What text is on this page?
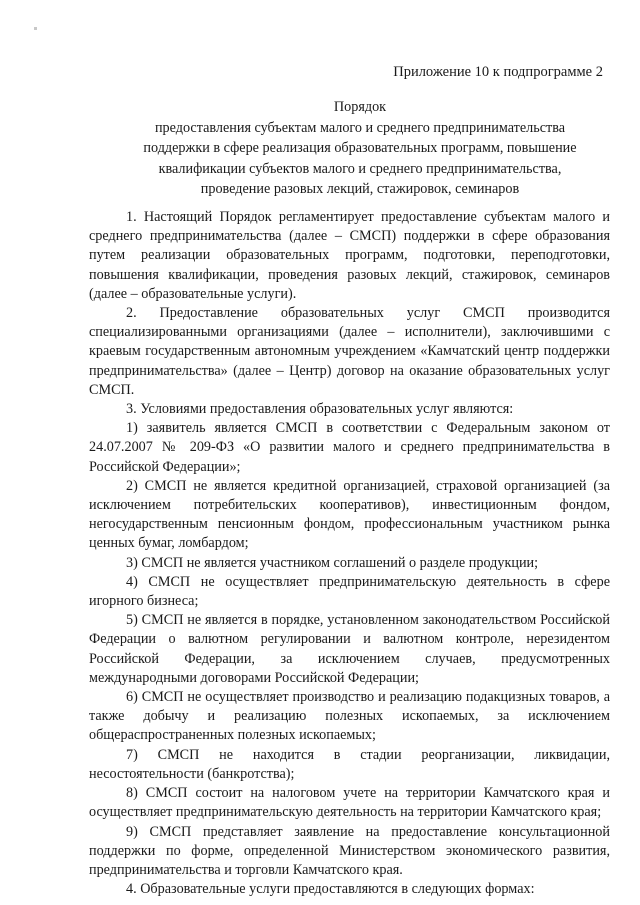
Приложение 10 к подпрограмме 2
Порядок
предоставления субъектам малого и среднего предпринимательства
поддержки в сфере реализация образовательных программ, повышение
квалификации субъектов малого и среднего предпринимательства,
проведение разовых лекций, стажировок, семинаров

1. Настоящий Порядок регламентирует предоставление субъектам малого и среднего предпринимательства (далее – СМСП) поддержки в сфере образования путем реализации образовательных программ, подготовки, переподготовки, повышения квалификации, проведения разовых лекций, стажировок, семинаров (далее – образовательные услуги).

2. Предоставление образовательных услуг СМСП производится специализированными организациями (далее – исполнители), заключившими с краевым государственным автономным учреждением «Камчатский центр поддержки предпринимательства» (далее – Центр) договор на оказание образовательных услуг СМСП.

3. Условиями предоставления образовательных услуг являются:

1) заявитель является СМСП в соответствии с Федеральным законом от 24.07.2007 № 209-ФЗ «О развитии малого и среднего предпринимательства в Российской Федерации»;

2) СМСП не является кредитной организацией, страховой организацией (за исключением потребительских кооперативов), инвестиционным фондом, негосударственным пенсионным фондом, профессиональным участником рынка ценных бумаг, ломбардом;

3) СМСП не является участником соглашений о разделе продукции;

4) СМСП не осуществляет предпринимательскую деятельность в сфере игорного бизнеса;

5) СМСП не является в порядке, установленном законодательством Российской Федерации о валютном регулировании и валютном контроле, нерезидентом Российской Федерации, за исключением случаев, предусмотренных международными договорами Российской Федерации;

6) СМСП не осуществляет производство и реализацию подакцизных товаров, а также добычу и реализацию полезных ископаемых, за исключением общераспространенных полезных ископаемых;

7) СМСП не находится в стадии реорганизации, ликвидации, несостоятельности (банкротства);

8) СМСП состоит на налоговом учете на территории Камчатского края и осуществляет предпринимательскую деятельность на территории Камчатского края;

9) СМСП представляет заявление на предоставление консультационной поддержки по форме, определенной Министерством экономического развития, предпринимательства и торговли Камчатского края.

4. Образовательные услуги предоставляются в следующих формах:
